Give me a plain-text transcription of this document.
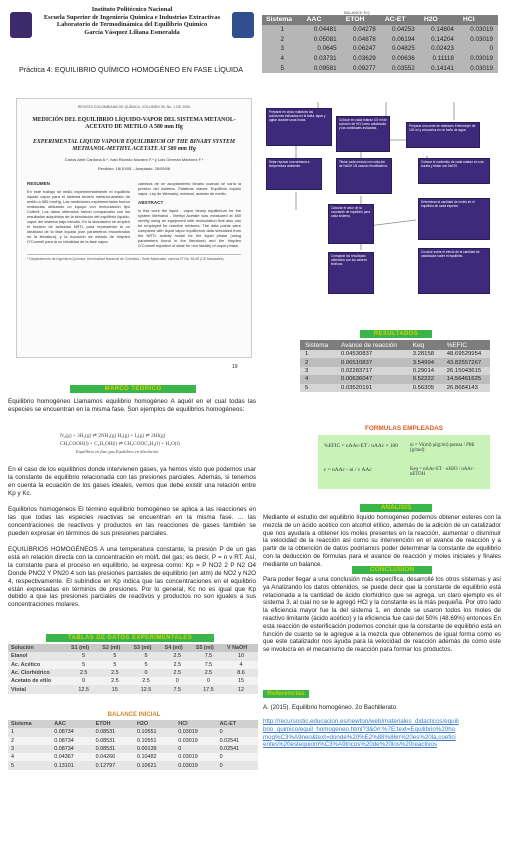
Instituto Politécnico Nacional
Escuela Superior de Ingeniería Química e Industrias Extractivas
Laboratorio de Termodinámica del Equilibrio Químico
García Vásquez Liliana Esmeralda
Práctica 4: EQUILIBRIO QUÍMICO HOMOGÉNEO EN FASE LÍQUIDA
REVISTA COLOMBIANA DE QUÍMICA, VOLUMEN 35, No. 1 DE 2006
MEDICIÓN DEL EQUILIBRIO LÍQUIDO-VAPOR DEL SISTEMA METANOL-ACETATO DE METILO A 580 mm Hg
EXPERIMENTAL LIQUID VAPOUR EQUILIBRIUM OF THE BINARY SYSTEM METHANOL-METHYL ACETATE AT 580 mm Hg
Carlos Ariel Cardona A.*, Iván Ricardo Navarro F.* y Luis Germán Martínez F.*
Recibido: 18/10/05 – Aceptado: 26/05/06
RESUMEN
En este trabajo se midió experimentalmente el equilibrio líquido vapor para el sistema binario metanol-acetato de metilo a 580 mmHg. Las mediciones experimentales fueron realizadas utilizando un equipo con recirculación tipo Cottrell. Los datos obtenidos fueron comparados con los resultados adquiridos de la simulación del equilibrio líquido-vapor del sistema bajo estudio. En la simulación se empleó el modelo de actividad NRTL para representar la no idealidad de la fase líquida (con parámetros encontrados en la literatura), y la ecuación de estado de Hayden O'Connell para la no idealidad de la fase vapor.
cambios de un acoplamiento binario cuando se varía la presión del sistema. Palabras claves: Equilibrio líquido vapor, Ley de Wrewsky, metanol, acetato de metilo.
ABSTRACT
In this work the liquid - vapor binary equilibrium for the system Methanol - Methyl Acetate was measured at 580 mmHg using an equipment with recirculation that also can be employed for reactive mixtures. The data points were compared with liquid vapor equilibrium data simulated from the NRTL activity model for the liquid phase (using parameters found in the literature) and the Hayden O'Connell equation of state for non ideality of vapor phase.
* Departamento de Ingeniería Química, Universidad Nacional de Colombia - Sede Manizales, carrera 27 No. 64-60 (CE-Manizales)
19
MARCO TEÓRICO
Equilibrio homogéneo Llamamos equilibrio homogéneo A aquél en el cual todas las especies se encuentran en la misma fase. Son ejemplos de equilibrios homogéneos:
N₂(g) + 3H₂(g) ⇌ 2NH₃(g) H₂(g) + I₂(g) ⇌ 2HI(g)
CH₃COOH(l) + C₂H₅OH(l) ⇌ CH₃COOC₂H₅(l) + H₂O(l)
Equilibrio en fase gas Equilibrio en disolución
En el caso de los equilibrios donde intervienen gases, ya hemos visto que podemos usar la constante de equilibrio relacionada con las presiones parciales. Además, si tenemos en cuenta la ecuación de los gases ideales, vemos que debe existir una relación entre Kp y Kc.
Equilibrios homogéneos El término equilibrio homogéneo se aplica a las reacciones en las que todas las especies reactivas se encuentran en la misma fase. ... las concentraciones de reactivos y productos en las reacciones de gases también se pueden expresar en términos de sus presiones parciales.
EQUILIBRIOS HOMOGÉNEOS A una temperatura constante, la presión P de un gas está en relación directa con la concentración en mol/L del gas; es decir, P = n v RT. Así, la constante para el proceso en equilibrio, se expresa como: Kp = P NO2 2 P N2 O4 Donde PNO2 Y PN20 4 son las presiones parciales de equilibrio (en atm) de NO2 y N2O 4, respectivamente. El subíndice en Kp indica que las concentraciones en el equilibrio están expresadas en términos de presiones. Por lo general, Kc no es igual que Kp debido a que las presiones parciales de reactivos y productos no son iguales a sus concentraciones molares.
TABLAS DE DATOS EXPERIMENTALES
Solución	S1 (ml)	S2 (ml)	S3 (ml)	S4 (ml)	S5 (ml)	V NaOH
Etanol	5	5	5	2.5	7.5	10
Ac. Acético	5	5	5	2.5	7.5	4
Ac. Clorhídrico	2.5	2.5	0	2.5	2.5	8.6
Acetato de etilo	0	2.5	2.5	0	0	15
Vtotal	12.5	15	12.5	7.5	17.5	12
BALANCE INICIAL
Sistema	AAC	ETOH	H2O	HCl	AC-ET
1	0.08734	0.08531	0.10551	0.03019	0
2	0.08734	0.08531	0.10551	0.03019	0.02541
3	0.08734	0.08531	0.00139	0	0.02541
4	0.04367	0.04266	0.10482	0.03019	0
5	0.13101	0.12797	0.10621	0.03019	0
BALANCE EQ
Sistema	AAC	ETOH	AC-ET	H2O	HCl
1	0.04481	0.04278	0.04253	0.14804	0.03019
2	0.05081	0.04878	0.06194	0.14204	0.03019
3	0.0645	0.06247	0.04825	0.02423	0
4	0.03731	0.03629	0.00636	0.11118	0.03019
5	0.09581	0.09277	0.03552	0.14141	0.03019
Preparar en cinco matraces las soluciones indicadas en la tabla, tapar y agitar durante unas horas.	Colocar en cada matraz 0.5 ml de solución de HCl como catalizador y las cantidades indicadas.	Preparar una serie de matraces Erlenmeyer de 100 ml y colocarlos en un baño de agua.
Dejar reposar una semana a temperatura ambiente.
Titular cada mezcla con solución de NaOH 1N usando fenolftaleína.
Colocar el contenido de cada matraz en una bureta y titular con NaOH.
Calcular el valor de la constante de equilibrio para cada sistema.
Determinar la cantidad de moles en el equilibrio de cada especie.
Comparar los resultados obtenidos con los valores teóricos.
Concluir sobre el efecto de la cantidad de catalizador sobre el equilibrio.
RESULTADOS
Sistema	Avance de reacción	Keq	%EFIC
1	0.04530837	3.28158	48.69529954
2	0.06510837	3.54994	43.82557267
3	0.02283717	0.29014	26.15043615
4	0.00636047	0.52222	14.56461625
5	0.03520191	0.56305	26.8684143
FORMULAS EMPLEADAS
%EFIC = nAAc-ET / nAAc × 100	ni = Vi(ml) ρi(g/ml) pureza / PMi (g/mol)
ε = nAAc - ni / ν AAc	Keq = nAAc-ET · nH2O / nAAc · nETOH
ANÁLISIS
Mediante el estudio del equilibrio líquido homogéneo podemos obtener esteres con la mezcla de un ácido acético con alcohol etílico, además de la adición de un catalizador que nos ayudara a obtener los moles presentes en la reacción, aumentar o disminuir la velocidad de la reacción así como su intervención en el avance de reacción y a partir de la obtención de datos podríamos poder determinar la constante de equilibrio con la deducción de fórmulas para el avance de reacción y moles iniciales y finales mediante un balance.
CONCLUSIÓN
Para poder llegar a una conclusión más específica, desarrollé los otros sistemas y así ya Analizando los datos obtenidos, se puede decir que la constante de equilibrio está relacionada a la cantidad de ácido clorhídrico que se agrega, un claro ejemplo es el sistema 3, al cual no se le agregó HCl y la constante es la más pequeña. Por otro lado la eficiencia mayor fue la del sistema 1, en donde se usaron todos los moles de reactivo limitante (ácido acético) y la eficiencia fue casi del 50% (48.69%) entonces En esta reacción de esterificación podemos concluir que la constante de equilibrio está en función de cuanto se le agregue a la mezcla que obtenemos de igual forma como es que este catalizador nos ayuda para la velocidad de reacción además de como este se involucra en el mecanismo de reacción para formar los productos.
Referencias
A. (2015). Equilibrio homogéneo. 2o Bachillerato.
http://recursostic.educacion.es/newton/web/materiales_didacticos/equilibrio_quimico/equil_homogeneo.html?3&0#:%7E:text=Equilibrio%20homog%C3%A9neo&text=donde%20%E2%88%86n%20es%20la,coeficientes%20estequiom%C3%A9tricos%20de%20los%20reactivos
